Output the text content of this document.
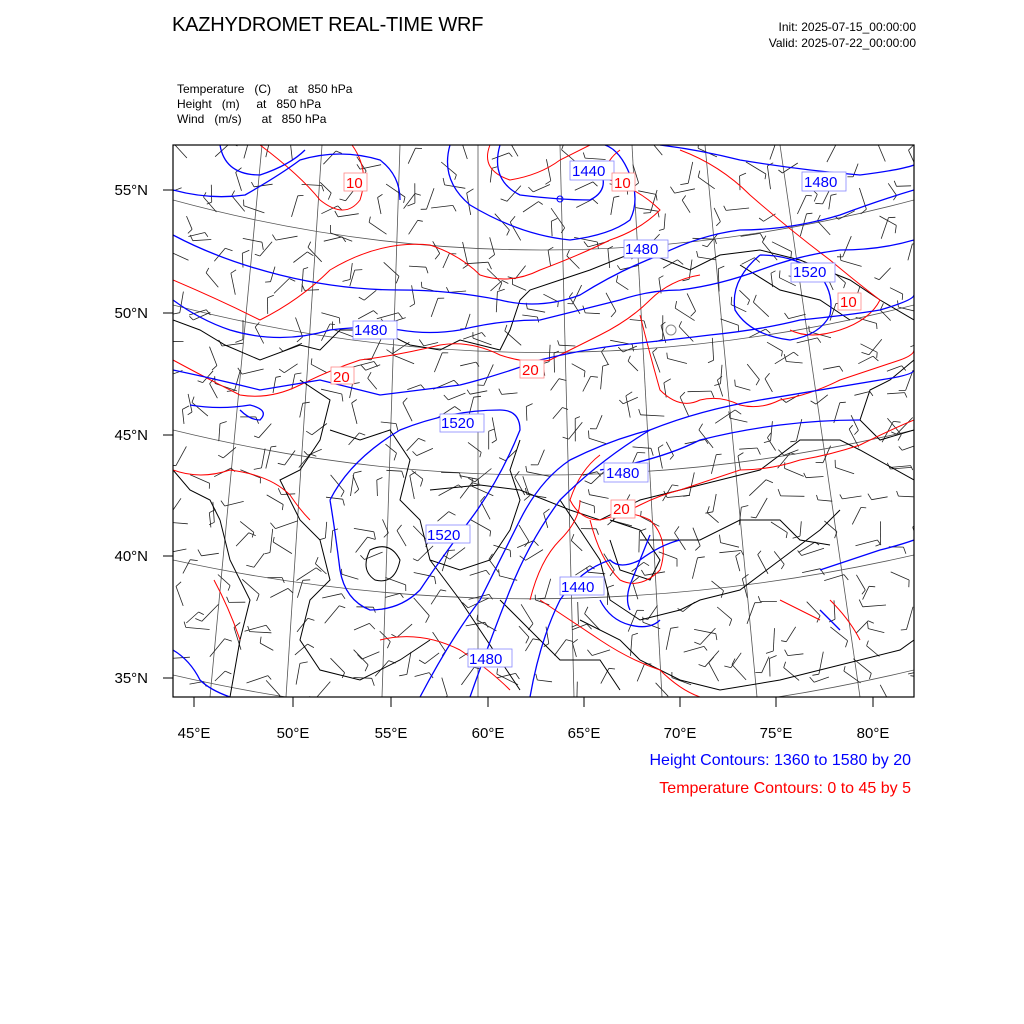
KAZHYDROMET REAL-TIME WRF	Init: 2025-07-15_00:00:00
Valid: 2025-07-22_00:00:00
Temperature   (C)     at   850 hPa
Height   (m)     at   850 hPa
Wind   (m/s)      at   850 hPa
1440
1480
1520
1480
1520
1480
1520
1440
1480
1480
10	10
10
20	20
20
45°E	50°E	55°E	60°E	65°E	70°E	75°E	80°E
55°N
50°N
45°N
40°N
35°N
Height Contours: 1360 to 1580 by 20
Temperature Contours: 0 to 45 by 5
